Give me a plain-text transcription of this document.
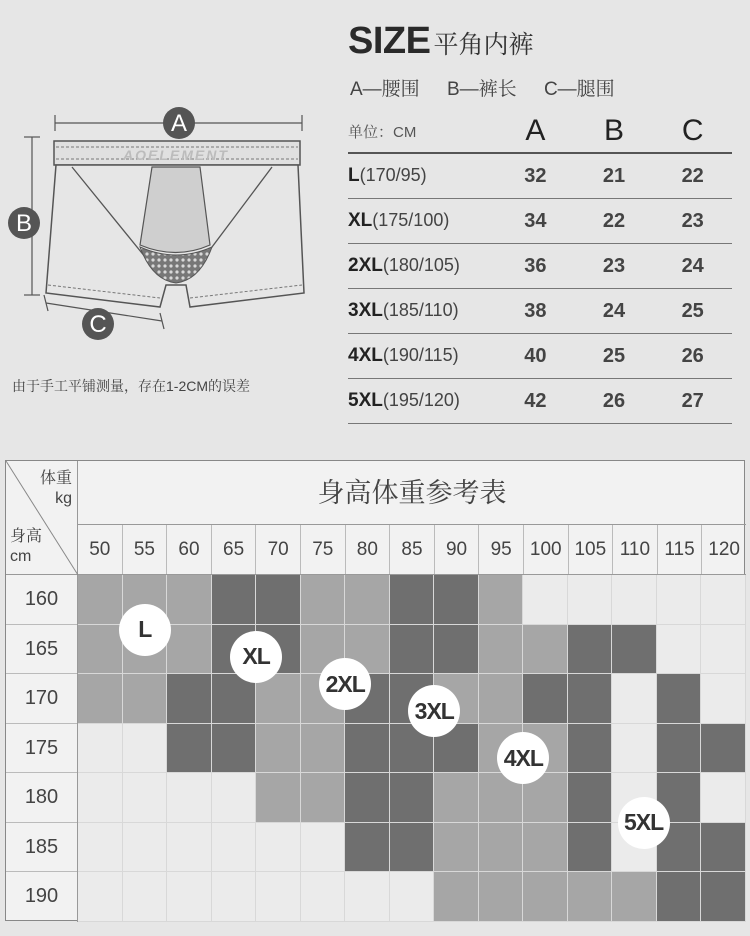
AOELEMENT
A
B
C
由于手工平铺测量，存在1-2CM的误差
SIZE 平角内裤
A—腰围 B—裤长 C—腿围
单位：CM	A	B	C
L(170/95)	32	21	22
XL(175/100)	34	22	23
2XL(180/105)	36	23	24
3XL(185/110)	38	24	25
4XL(190/115)	40	25	26
5XL(195/120)	42	26	27
体重
kg
身高
cm
身高体重参考表
50	55	60	65	70	75	80	85	90	95 100 105 110 115 120
160
165
170
175
180
185
190
L
XL
2XL
3XL
4XL
5XL
